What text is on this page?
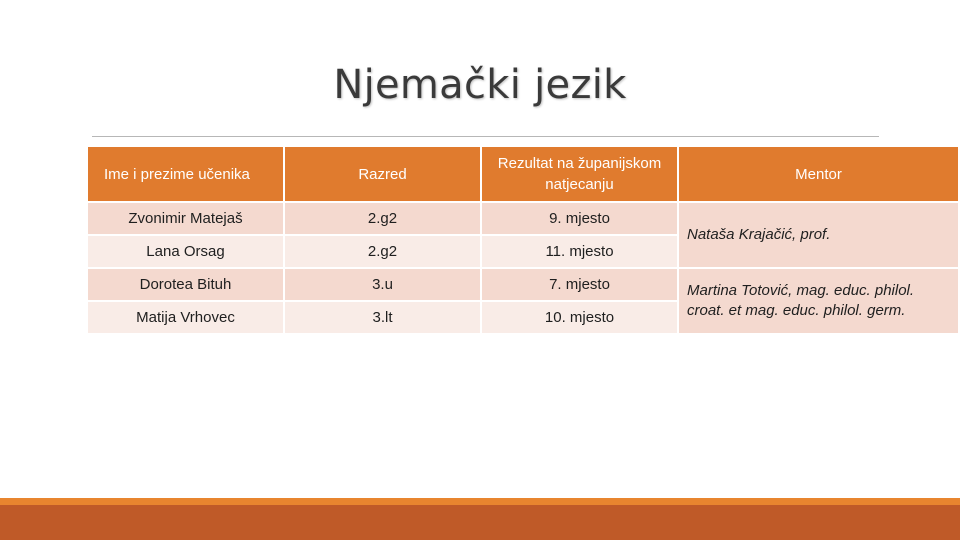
Njemački jezik
Ime i prezime učenika	Razred	Rezultat na županijskom natjecanju	Mentor
Zvonimir Matejaš	2.g2	9. mjesto	Nataša Krajačić, prof.
Lana Orsag	2.g2	11. mjesto	
Dorotea Bituh	3.u	7. mjesto	Martina Totović, mag. educ. philol. croat. et mag. educ. philol. germ.
Matija Vrhovec	3.lt	10. mjesto	
